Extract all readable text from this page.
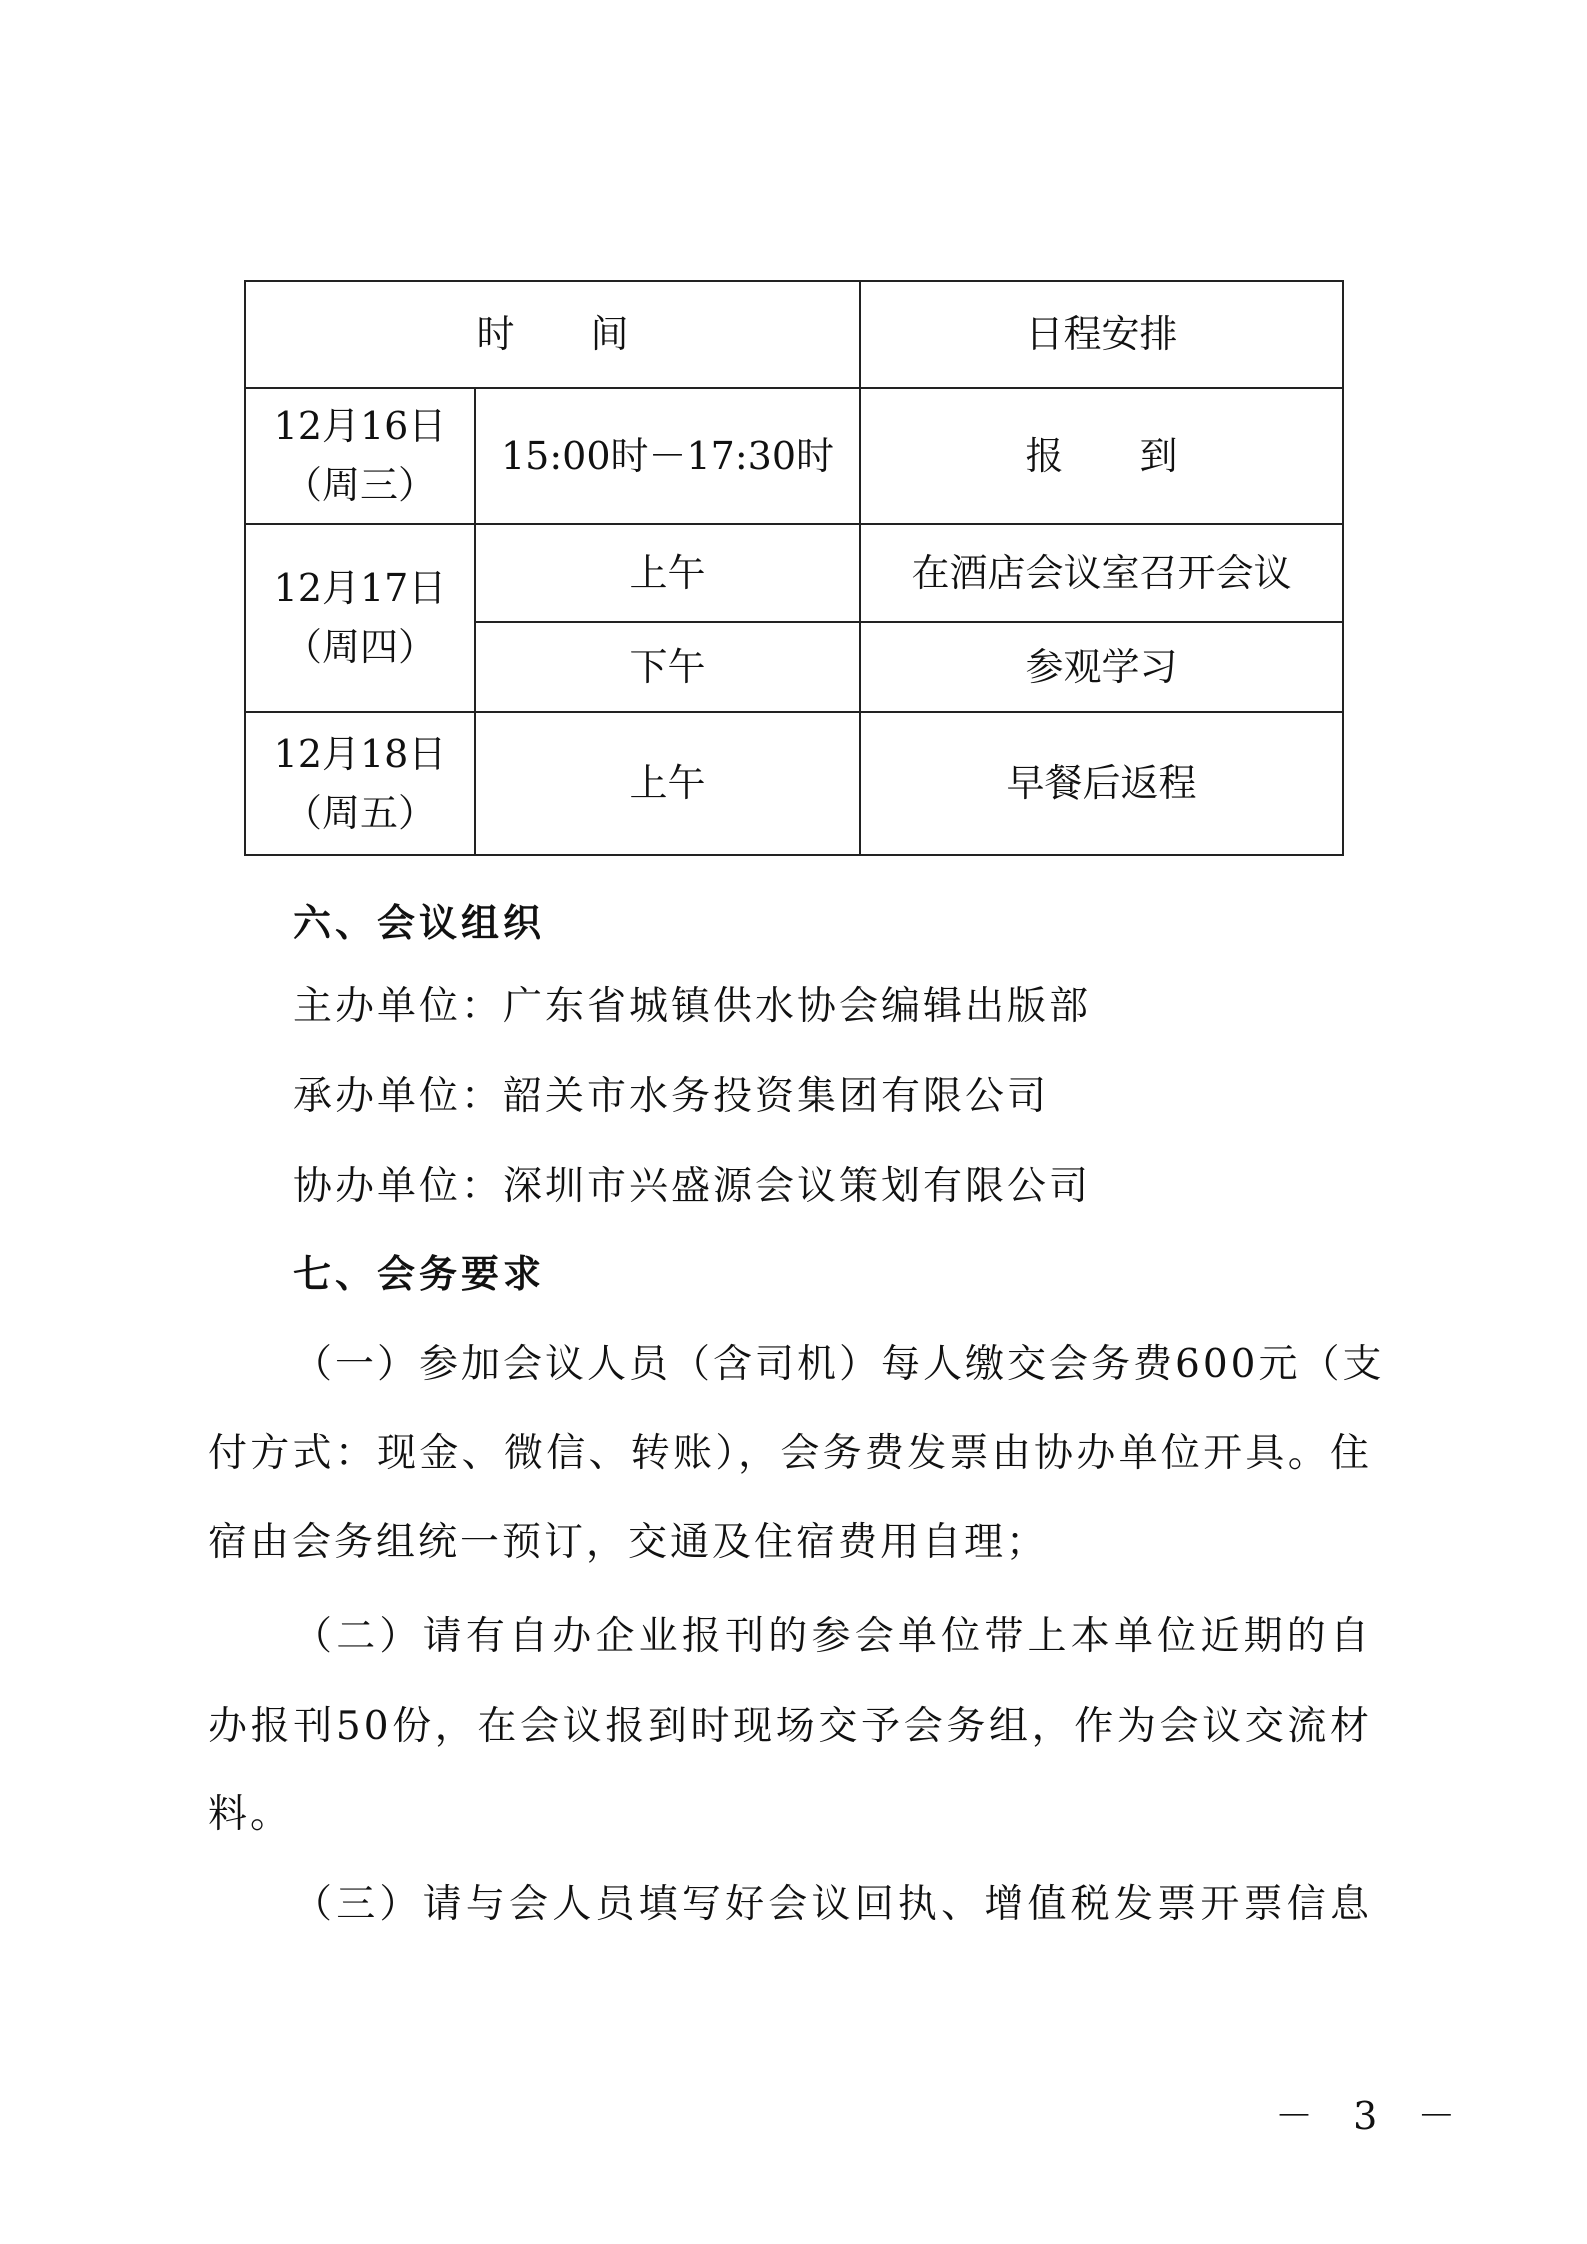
时　　间		日程安排

12月16日
（周三）	15:00时－17:30时	报　　到

12月17日
（周四）	上午	在酒店会议室召开会议
	下午	参观学习

12月18日
（周五）	上午	早餐后返程
六、会议组织
主办单位：广东省城镇供水协会编辑出版部
承办单位：韶关市水务投资集团有限公司
协办单位：深圳市兴盛源会议策划有限公司
七、会务要求
（一）参加会议人员（含司机）每人缴交会务费600元（支
付方式：现金、微信、转账），会务费发票由协办单位开具。住
宿由会务组统一预订，交通及住宿费用自理；
（二）请有自办企业报刊的参会单位带上本单位近期的自
办报刊50份，在会议报到时现场交予会务组，作为会议交流材
料。
（三）请与会人员填写好会议回执、增值税发票开票信息
－ 3 －
